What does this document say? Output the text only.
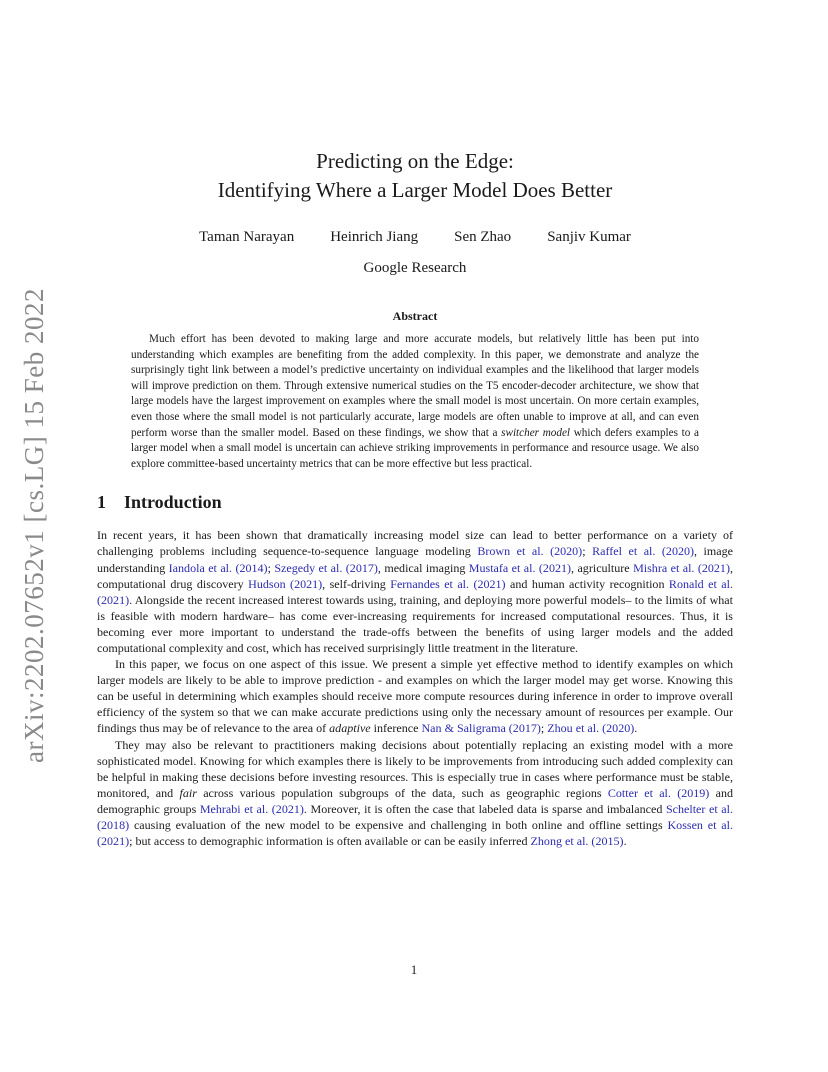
arXiv:2202.07652v1 [cs.LG] 15 Feb 2022
Predicting on the Edge:
Identifying Where a Larger Model Does Better
Taman Narayan Heinrich Jiang Sen Zhao Sanjiv Kumar
Google Research
Abstract

Much effort has been devoted to making large and more accurate models, but relatively little has been put into understanding which examples are benefiting from the added complexity. In this paper, we demonstrate and analyze the surprisingly tight link between a model’s predictive uncertainty on individual examples and the likelihood that larger models will improve prediction on them. Through extensive numerical studies on the T5 encoder-decoder architecture, we show that large models have the largest improvement on examples where the small model is most uncertain. On more certain examples, even those where the small model is not particularly accurate, large models are often unable to improve at all, and can even perform worse than the smaller model. Based on these findings, we show that a switcher model which defers examples to a larger model when a small model is uncertain can achieve striking improvements in performance and resource usage. We also explore committee-based uncertainty metrics that can be more effective but less practical.

1 Introduction

In recent years, it has been shown that dramatically increasing model size can lead to better performance on a variety of challenging problems including sequence-to-sequence language modeling Brown et al. (2020); Raffel et al. (2020), image understanding Iandola et al. (2014); Szegedy et al. (2017), medical imaging Mustafa et al. (2021), agriculture Mishra et al. (2021), computational drug discovery Hudson (2021), self-driving Fernandes et al. (2021) and human activity recognition Ronald et al. (2021). Alongside the recent increased interest towards using, training, and deploying more powerful models– to the limits of what is feasible with modern hardware– has come ever-increasing requirements for increased computational resources. Thus, it is becoming ever more important to understand the trade-offs between the benefits of using larger models and the added computational complexity and cost, which has received surprisingly little treatment in the literature.

In this paper, we focus on one aspect of this issue. We present a simple yet effective method to identify examples on which larger models are likely to be able to improve prediction - and examples on which the larger model may get worse. Knowing this can be useful in determining which examples should receive more compute resources during inference in order to improve overall efficiency of the system so that we can make accurate predictions using only the necessary amount of resources per example. Our findings thus may be of relevance to the area of adaptive inference Nan & Saligrama (2017); Zhou et al. (2020).

They may also be relevant to practitioners making decisions about potentially replacing an existing model with a more sophisticated model. Knowing for which examples there is likely to be improvements from introducing such added complexity can be helpful in making these decisions before investing resources. This is especially true in cases where performance must be stable, monitored, and fair across various population subgroups of the data, such as geographic regions Cotter et al. (2019) and demographic groups Mehrabi et al. (2021). Moreover, it is often the case that labeled data is sparse and imbalanced Schelter et al. (2018) causing evaluation of the new model to be expensive and challenging in both online and offline settings Kossen et al. (2021); but access to demographic information is often available or can be easily inferred Zhong et al. (2015).

1
